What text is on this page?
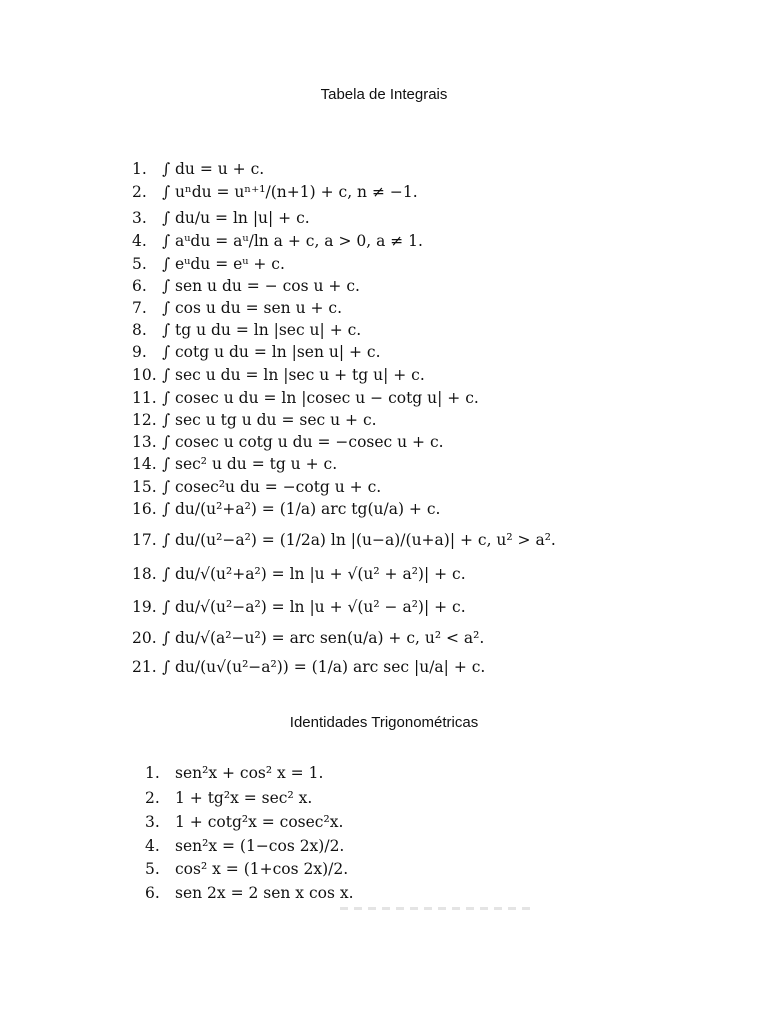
Tabela de Integrais
1. ∫ du = u + c.
2. ∫ uⁿdu = uⁿ⁺¹/(n+1) + c, n ≠ −1.
3. ∫ du/u = ln |u| + c.
4. ∫ aᵘdu = aᵘ/ln a + c, a > 0, a ≠ 1.
5. ∫ eᵘdu = eᵘ + c.
6. ∫ sen u du = − cos u + c.
7. ∫ cos u du = sen u + c.
8. ∫ tg u du = ln |sec u| + c.
9. ∫ cotg u du = ln |sen u| + c.
10. ∫ sec u du = ln |sec u + tg u| + c.
11. ∫ cosec u du = ln |cosec u − cotg u| + c.
12. ∫ sec u tg u du = sec u + c.
13. ∫ cosec u cotg u du = −cosec u + c.
14. ∫ sec² u du = tg u + c.
15. ∫ cosec²u du = −cotg u + c.
16. ∫ du/(u²+a²) = (1/a) arc tg(u/a) + c.
17. ∫ du/(u²−a²) = (1/2a) ln |(u−a)/(u+a)| + c, u² > a².
18. ∫ du/√(u²+a²) = ln |u + √(u² + a²)| + c.
19. ∫ du/√(u²−a²) = ln |u + √(u² − a²)| + c.
20. ∫ du/√(a²−u²) = arc sen(u/a) + c, u² < a².
21. ∫ du/(u√(u²−a²)) = (1/a) arc sec |u/a| + c.
Identidades Trigonométricas
1. sen²x + cos² x = 1.
2. 1 + tg²x = sec² x.
3. 1 + cotg²x = cosec²x.
4. sen²x = (1−cos 2x)/2.
5. cos² x = (1+cos 2x)/2.
6. sen 2x = 2 sen x cos x.
